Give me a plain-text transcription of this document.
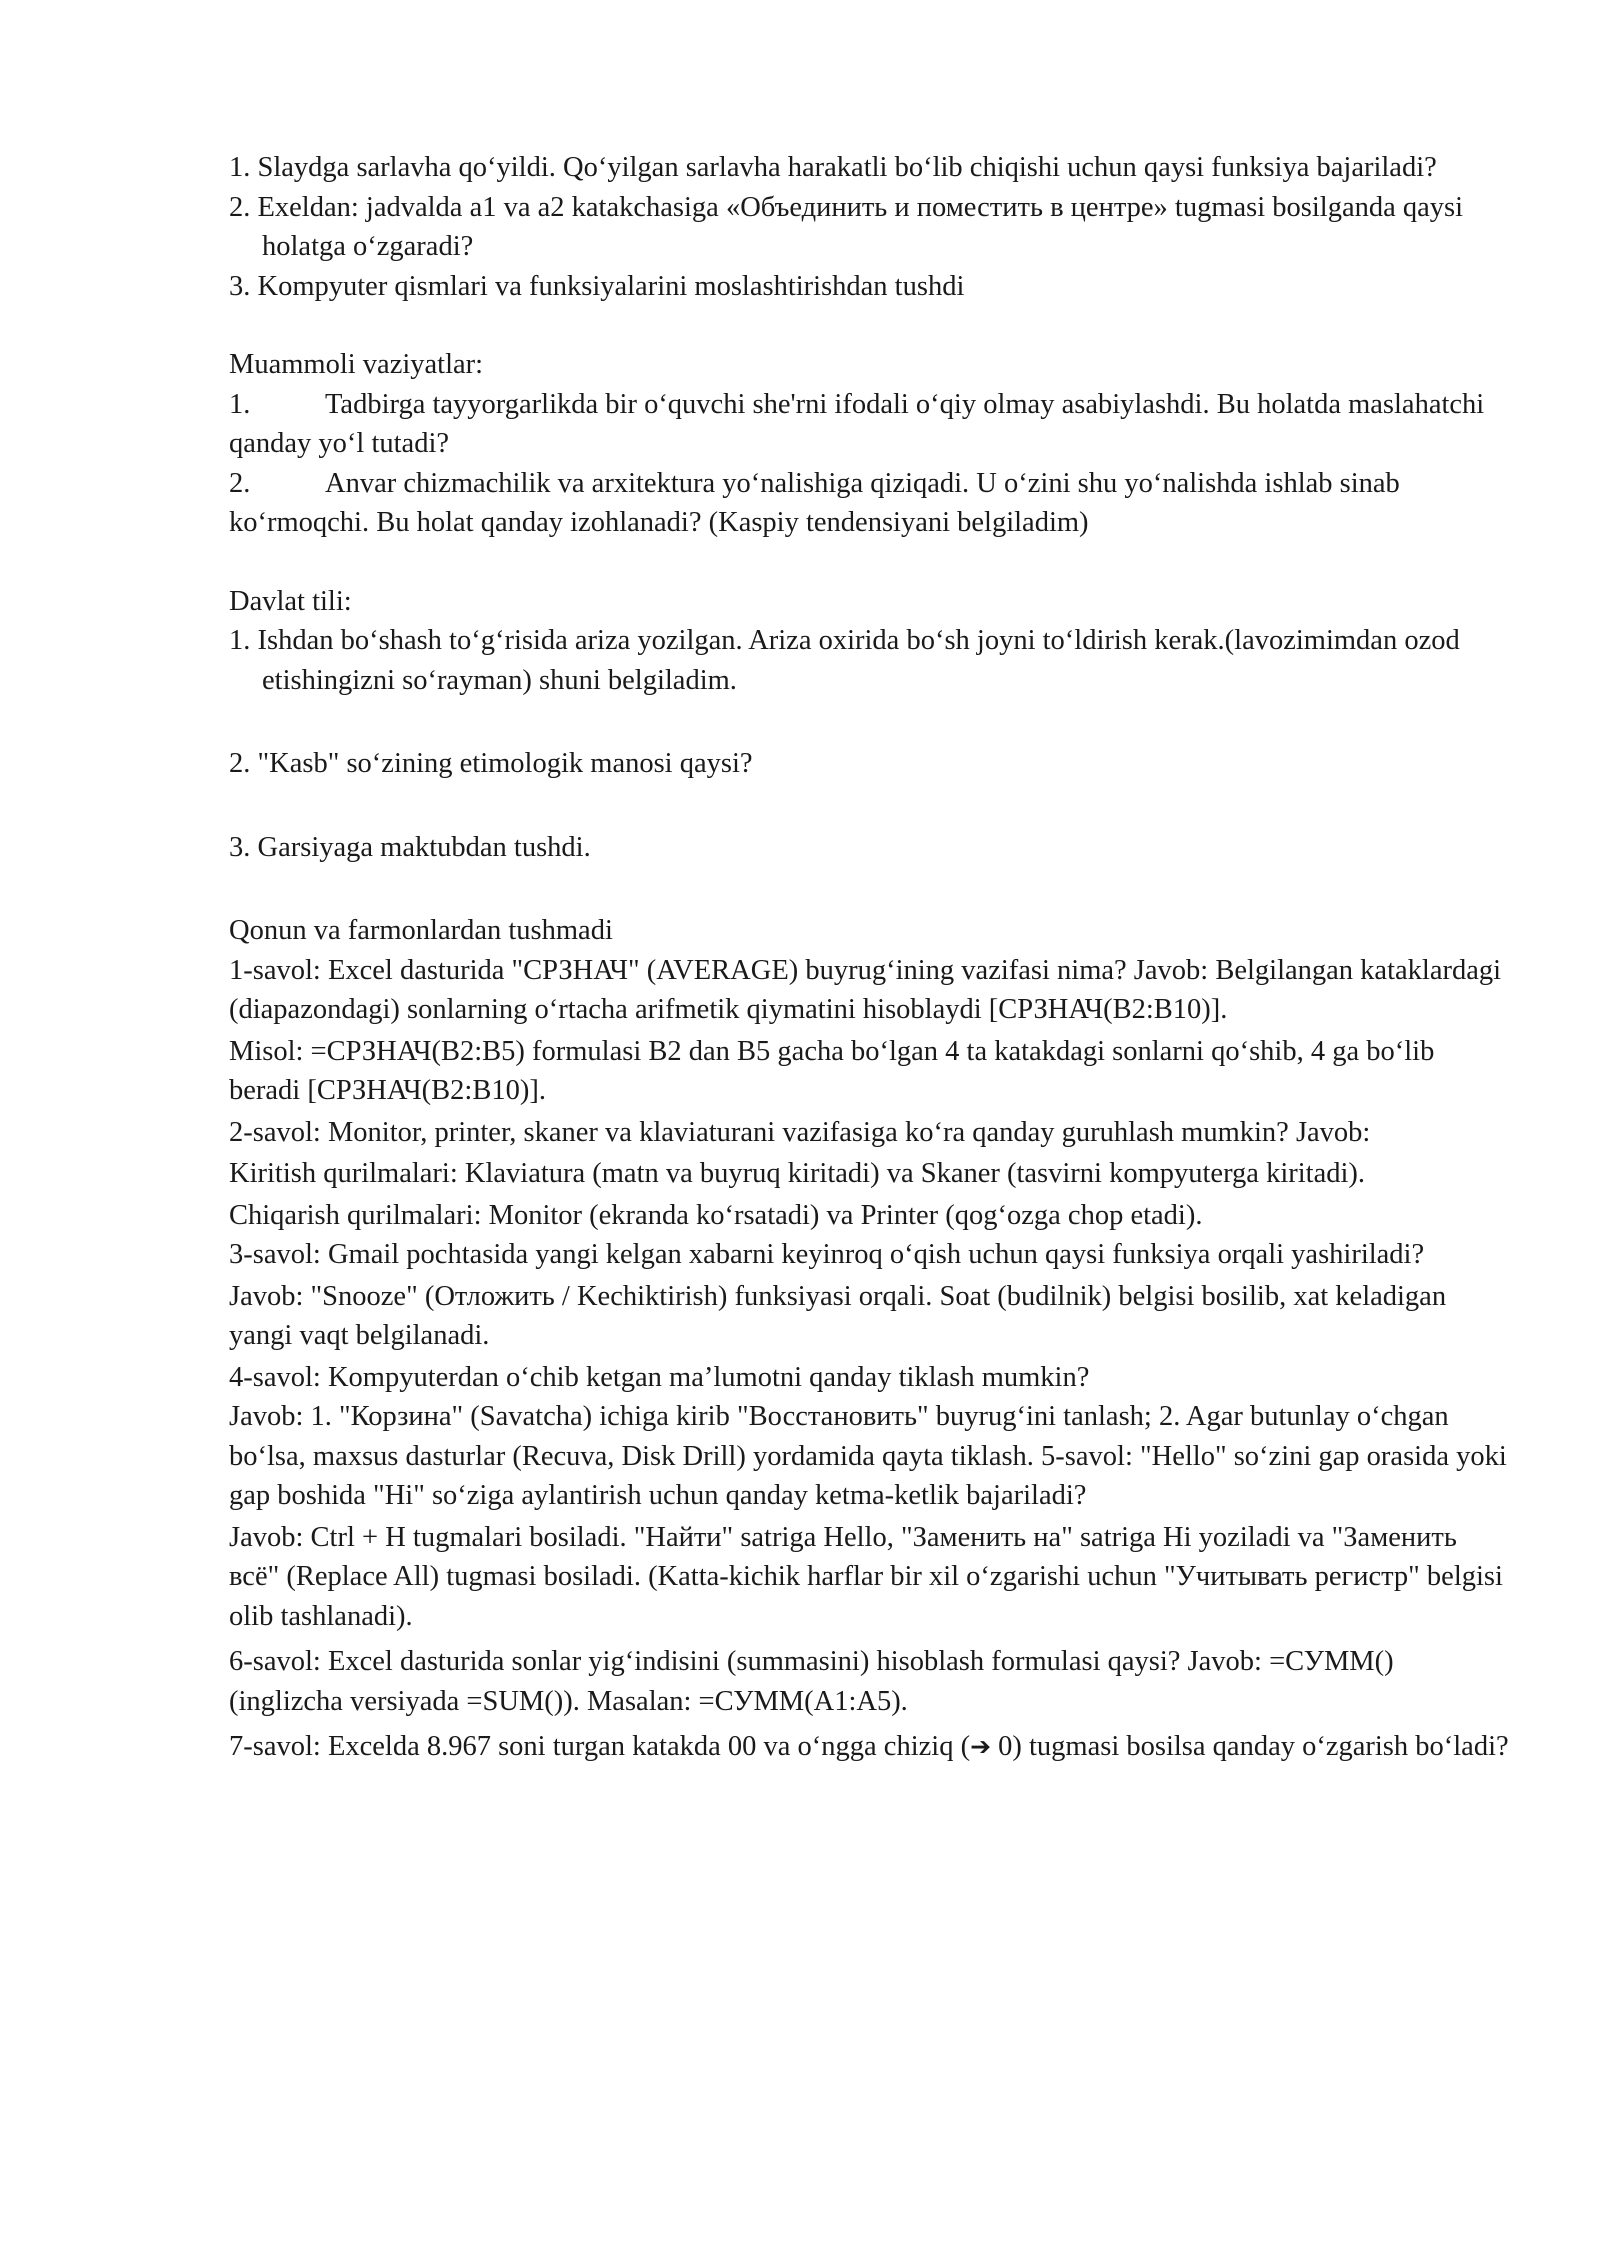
1. Slaydga sarlavha qo‘yildi. Qo‘yilgan sarlavha harakatli bo‘lib chiqishi uchun qaysi funksiya bajariladi?

2. Exeldan: jadvalda a1 va a2 katakchasiga «Объединить и поместить в центре» tugmasi bosilganda qaysi holatga o‘zgaradi?

3. Kompyuter qismlari va funksiyalarini moslashtirishdan tushdi

Muammoli vaziyatlar:

1.	Tadbirga tayyorgarlikda bir o‘quvchi she'rni ifodali o‘qiy olmay asabiylashdi. Bu holatda maslahatchi qanday yo‘l tutadi?

2.	Anvar chizmachilik va arxitektura yo‘nalishiga qiziqadi. U o‘zini shu yo‘nalishda ishlab sinab ko‘rmoqchi. Bu holat qanday izohlanadi? (Kaspiy tendensiyani belgiladim)

Davlat tili:

1. Ishdan bo‘shash to‘g‘risida ariza yozilgan. Ariza oxirida bo‘sh joyni to‘ldirish kerak.(lavozimimdan ozod etishingizni so‘rayman) shuni belgiladim.

2. "Kasb" so‘zining etimologik manosi qaysi?

3. Garsiyaga maktubdan tushdi.

Qonun va farmonlardan tushmadi

1-savol: Excel dasturida "СРЗНАЧ" (AVERAGE) buyrug‘ining vazifasi nima? Javob: Belgilangan kataklardagi (diapazondagi) sonlarning o‘rtacha arifmetik qiymatini hisoblaydi [СРЗНАЧ(B2:B10)].

Misol: =СРЗНАЧ(B2:B5) formulasi B2 dan B5 gacha bo‘lgan 4 ta katakdagi sonlarni qo‘shib, 4 ga bo‘lib beradi [СРЗНАЧ(B2:B10)].

2-savol: Monitor, printer, skaner va klaviaturani vazifasiga ko‘ra qanday guruhlash mumkin? Javob:

Kiritish qurilmalari: Klaviatura (matn va buyruq kiritadi) va Skaner (tasvirni kompyuterga kiritadi).

Chiqarish qurilmalari: Monitor (ekranda ko‘rsatadi) va Printer (qog‘ozga chop etadi).

3-savol: Gmail pochtasida yangi kelgan xabarni keyinroq o‘qish uchun qaysi funksiya orqali yashiriladi?

Javob: "Snooze" (Отложить / Kechiktirish) funksiyasi orqali. Soat (budilnik) belgisi bosilib, xat keladigan yangi vaqt belgilanadi.

4-savol: Kompyuterdan o‘chib ketgan ma’lumotni qanday tiklash mumkin?

Javob: 1. "Корзина" (Savatcha) ichiga kirib "Восстановить" buyrug‘ini tanlash; 2. Agar butunlay o‘chgan bo‘lsa, maxsus dasturlar (Recuva, Disk Drill) yordamida qayta tiklash. 5-savol: "Hello" so‘zini gap orasida yoki gap boshida "Hi" so‘ziga aylantirish uchun qanday ketma-ketlik bajariladi?

Javob: Ctrl + H tugmalari bosiladi. "Найти" satriga Hello, "Заменить на" satriga Hi yoziladi va "Заменить всё" (Replace All) tugmasi bosiladi. (Katta-kichik harflar bir xil o‘zgarishi uchun "Учитывать регистр" belgisi olib tashlanadi).

6-savol: Excel dasturida sonlar yig‘indisini (summasini) hisoblash formulasi qaysi? Javob: =СУММ() (inglizcha versiyada =SUM()). Masalan: =СУММ(A1:A5).

7-savol: Excelda 8.967 soni turgan katakda 00 va o‘ngga chiziq (➔ 0) tugmasi bosilsa qanday o‘zgarish bo‘ladi?
